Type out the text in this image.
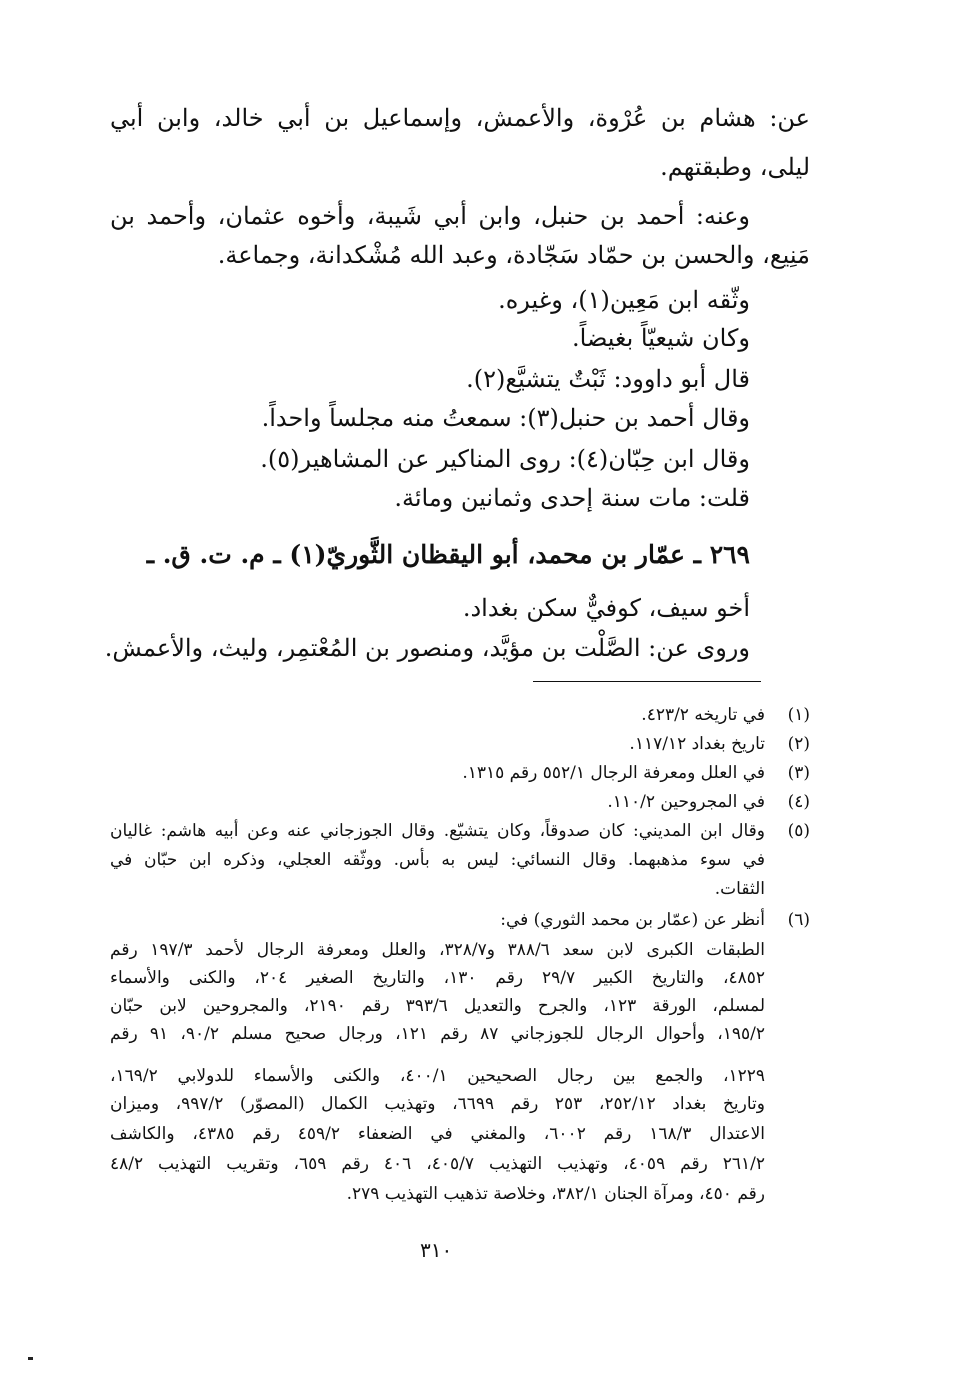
عن: هشام بن عُرْوة، والأعمش، وإسماعيل بن أبي خالد، وابن أبي
ليلى، وطبقتهم.
وعنه: أحمد بن حنبل، وابن أبي شَيبة، وأخوه عثمان، وأحمد بن
مَنِيع، والحسن بن حمّاد سَجّادة، وعبد الله مُشْكدانة، وجماعة.
وثّقه ابن مَعِين(١)، وغيره.
وكان شيعيّاً بغيضاً.
قال أبو داوود: ثَبْتٌ يتشيَّع(٢).
وقال أحمد بن حنبل(٣): سمعتُ منه مجلساً واحداً.
وقال ابن حِبّان(٤): روى المناكير عن المشاهير(٥).
قلت: مات سنة إحدى وثمانين ومائة.
٢٦٩ ـ عمّار بن محمد، أبو اليقظان الثَّوريّ(١) ـ م. ت. ق. ـ
أخو سيف، كوفيٌّ سكن بغداد.
وروى عن: الصَّلْت بن مؤيَّد، ومنصور بن المُعْتمِر، وليث، والأعمش.
(١)
في تاريخه ٤٢٣/٢.
(٢)
تاريخ بغداد ١١٧/١٢.
(٣)
في العلل ومعرفة الرجال ٥٥٢/١ رقم ١٣١٥.
(٤)
في المجروحين ١١٠/٢.
(٥)
وقال ابن المديني: كان صدوقاً، وكان يتشيّع. وقال الجوزجاني عنه وعن أبيه هاشم: غاليان
في سوء مذهبهما. وقال النسائي: ليس به بأس. ووثّقه العجلي، وذكره ابن حبّان في
الثقات.
(٦)
أنظر عن (عمّار بن محمد الثوري) في:
الطبقات الكبرى لابن سعد ٣٨٨/٦ و٣٢٨/٧، والعلل ومعرفة الرجال لأحمد ١٩٧/٣ رقم
٤٨٥٢، والتاريخ الكبير ٢٩/٧ رقم ١٣٠، والتاريخ الصغير ٢٠٤، والكنى والأسماء
لمسلم، الورقة ١٢٣، والجرح والتعديل ٣٩٣/٦ رقم ٢١٩٠، والمجروحين لابن حبّان
١٩٥/٢، وأحوال الرجال للجوزجاني ٨٧ رقم ١٢١، ورجال صحيح مسلم ٩٠/٢، ٩١ رقم
١٢٢٩، والجمع بين رجال الصحيحين ٤٠٠/١، والكنى والأسماء للدولابي ١٦٩/٢،
وتاريخ بغداد ٢٥٢/١٢، ٢٥٣ رقم ٦٦٩٩، وتهذيب الكمال (المصوّر) ٩٩٧/٢، وميزان
الاعتدال ١٦٨/٣ رقم ٦٠٠٢، والمغني في الضعفاء ٤٥٩/٢ رقم ٤٣٨٥، والكاشف
٢٦١/٢ رقم ٤٠٥٩، وتهذيب التهذيب ٤٠٥/٧، ٤٠٦ رقم ٦٥٩، وتقريب التهذيب ٤٨/٢
رقم ٤٥٠، ومرآة الجنان ٣٨٢/١، وخلاصة تذهيب التهذيب ٢٧٩.
٣١٠
